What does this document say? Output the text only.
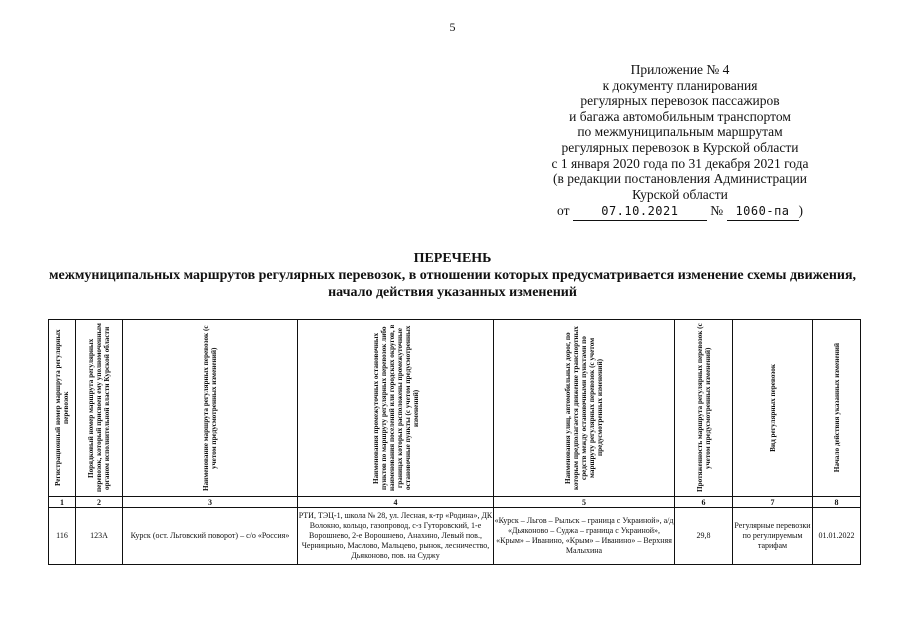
5
Приложение № 4
к документу планирования
регулярных перевозок пассажиров
и багажа автомобильным транспортом
по межмуниципальным маршрутам
регулярных перевозок в Курской области
с 1 января 2020 года по 31 декабря 2021 года
(в редакции постановления Администрации
Курской области
от	07.10.2021 № 1060-па )
ПЕРЕЧЕНЬ
межмуниципальных маршрутов регулярных перевозок, в отношении которых предусматривается изменение схемы движения, начало действия указанных изменений
Регистрационный номер маршрута регулярных перевозок	Порядковый номер маршрута регулярных перевозок, который присвоен ему уполномоченным органом исполнительной власти Курской области	Наименование маршрута регулярных перевозок (с учетом предусмотренных изменений)	Наименования промежуточных остановочных пунктов по маршруту регулярных перевозок либо наименования поселений или городских округов, в границах которых расположены промежуточные остановочные пункты (с учетом предусмотренных изменений)	Наименования улиц, автомобильных дорог, по которым предполагается движение транспортных средств между остановочными пунктами по маршруту регулярных перевозок (с учетом предусмотренных изменений)	Протяженность маршрута регулярных перевозок (с учетом предусмотренных изменений)	Вид регулярных перевозок	Начало действия указанных изменений

1	2	3	4	5	6	7	8
116	123А	Курск (ост. Льговский поворот) – с/о «Россия»	РТИ, ТЭЦ-1, школа № 28, ул. Лесная, к-тр «Родина», ДК Волокно, кольцо, газопровод, с-з Гуторовский, 1-е Ворошнево, 2-е Ворошнево, Анахино, Левый пов., Чернициьно, Маслово, Мальцево, рынок, лесничество, Дьяконово, пов. на Суджу	«Курск – Льгов – Рыльск – граница с Украиной», а/д «Дьяконово – Суджа – граница с Украиной», «Крым» – Иванино, «Крым» – Иванино» – Верхняя Малыхина	29,8	Регулярные перевозки по регулируемым тарифам	01.01.2022
